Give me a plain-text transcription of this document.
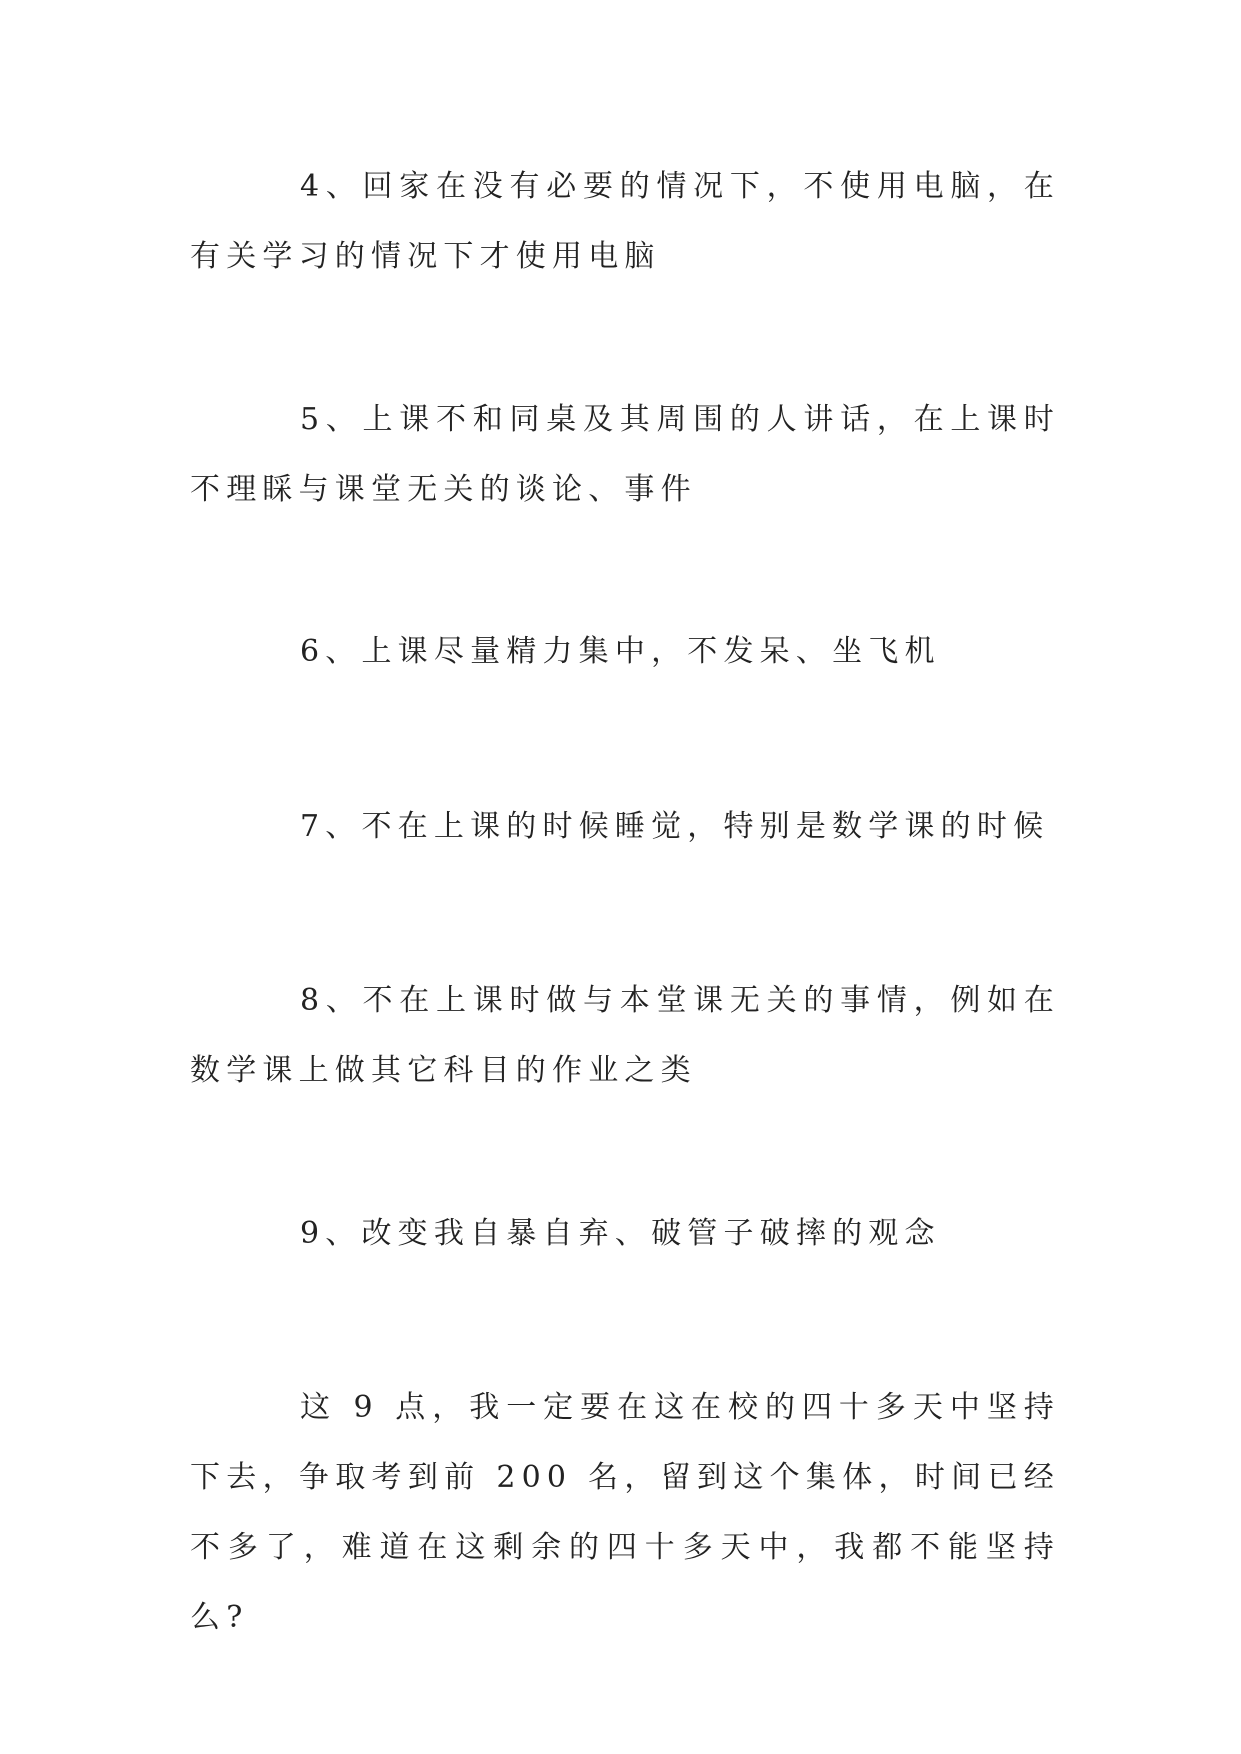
4、回家在没有必要的情况下，不使用电脑，在有关学习的情况下才使用电脑

5、上课不和同桌及其周围的人讲话，在上课时不理睬与课堂无关的谈论、事件

6、上课尽量精力集中，不发呆、坐飞机

7、不在上课的时候睡觉，特别是数学课的时候

8、不在上课时做与本堂课无关的事情，例如在数学课上做其它科目的作业之类

9、改变我自暴自弃、破管子破摔的观念

这 9 点，我一定要在这在校的四十多天中坚持下去，争取考到前 200 名，留到这个集体，时间已经不多了，难道在这剩余的四十多天中，我都不能坚持么?
